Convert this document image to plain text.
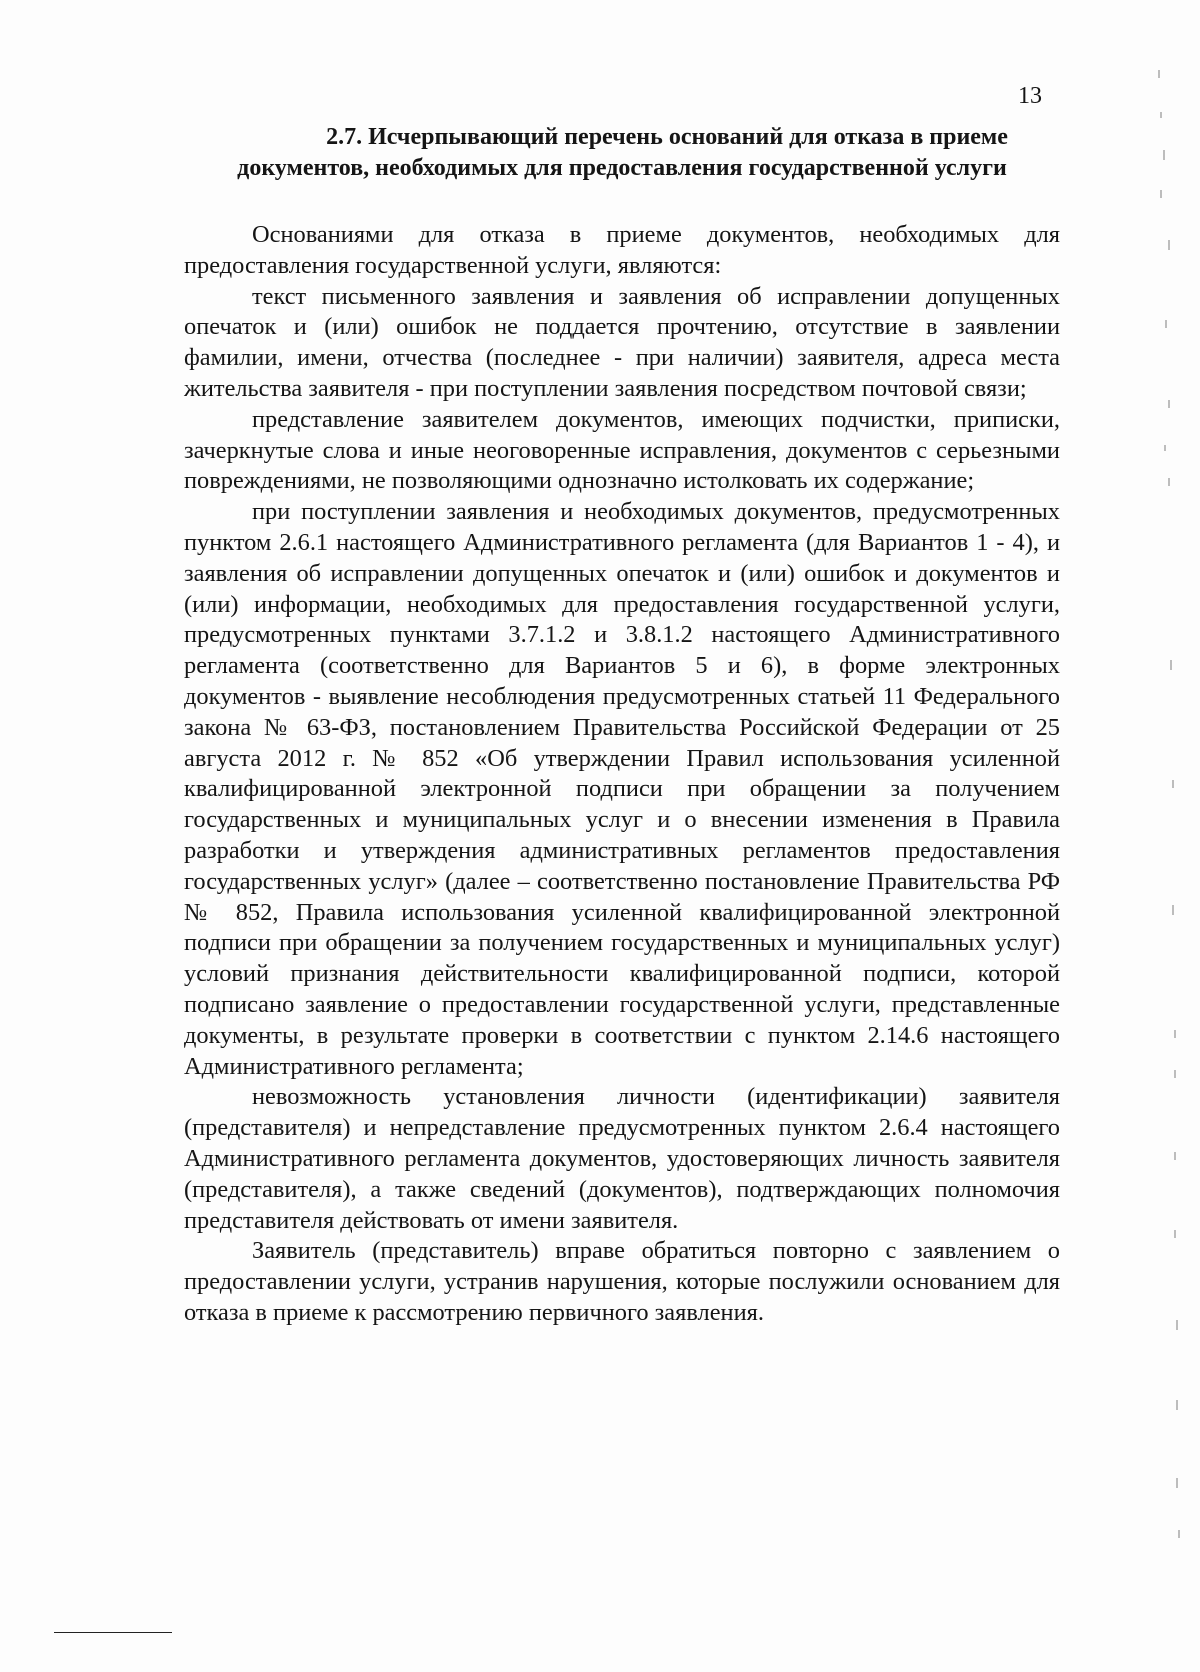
13
2.7. Исчерпывающий перечень оснований для отказа в приеме
документов, необходимых для предоставления государственной услуги

Основаниями для отказа в приеме документов, необходимых для предоставления государственной услуги, являются:

текст письменного заявления и заявления об исправлении допущенных опечаток и (или) ошибок не поддается прочтению, отсутствие в заявлении фамилии, имени, отчества (последнее - при наличии) заявителя, адреса места жительства заявителя - при поступлении заявления посредством почтовой связи;

представление заявителем документов, имеющих подчистки, приписки, зачеркнутые слова и иные неоговоренные исправления, документов с серьезными повреждениями, не позволяющими однозначно истолковать их содержание;

при поступлении заявления и необходимых документов, предусмотренных пунктом 2.6.1 настоящего Административного регламента (для Вариантов 1 - 4), и заявления об исправлении допущенных опечаток и (или) ошибок и документов и (или) информации, необходимых для предоставления государственной услуги, предусмотренных пунктами 3.7.1.2 и 3.8.1.2 настоящего Административного регламента (соответственно для Вариантов 5 и 6), в форме электронных документов - выявление несоблюдения предусмотренных статьей 11 Федерального закона № 63-ФЗ, постановлением Правительства Российской Федерации от 25 августа 2012 г. № 852 «Об утверждении Правил использования усиленной квалифицированной электронной подписи при обращении за получением государственных и муниципальных услуг и о внесении изменения в Правила разработки и утверждения административных регламентов предоставления государственных услуг» (далее – соответственно постановление Правительства РФ № 852, Правила использования усиленной квалифицированной электронной подписи при обращении за получением государственных и муниципальных услуг) условий признания действительности квалифицированной подписи, которой подписано заявление о предоставлении государственной услуги, представленные документы, в результате проверки в соответствии с пунктом 2.14.6 настоящего Административного регламента;

невозможность установления личности (идентификации) заявителя (представителя) и непредставление предусмотренных пунктом 2.6.4 настоящего Административного регламента документов, удостоверяющих личность заявителя (представителя), а также сведений (документов), подтверждающих полномочия представителя действовать от имени заявителя.

Заявитель (представитель) вправе обратиться повторно с заявлением о предоставлении услуги, устранив нарушения, которые послужили основанием для отказа в приеме к рассмотрению первичного заявления.
